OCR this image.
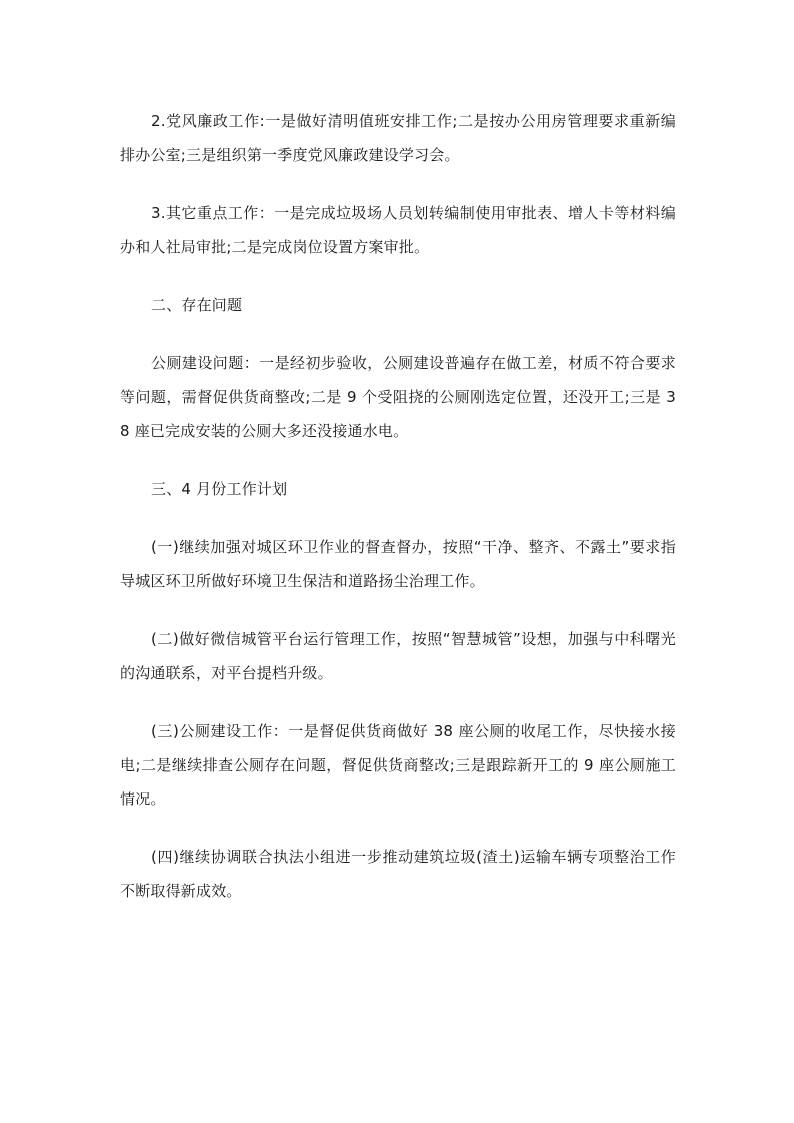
2.党风廉政工作:一是做好清明值班安排工作;二是按办公用房管理要求重新编排办公室;三是组织第一季度党风廉政建设学习会。

3.其它重点工作：一是完成垃圾场人员划转编制使用审批表、增人卡等材料编办和人社局审批;二是完成岗位设置方案审批。

二、存在问题

公厕建设问题：一是经初步验收，公厕建设普遍存在做工差，材质不符合要求等问题，需督促供货商整改;二是 9 个受阻挠的公厕刚选定位置，还没开工;三是 38 座已完成安装的公厕大多还没接通水电。

三、4 月份工作计划

(一)继续加强对城区环卫作业的督查督办，按照“干净、整齐、不露土”要求指导城区环卫所做好环境卫生保洁和道路扬尘治理工作。

(二)做好微信城管平台运行管理工作，按照“智慧城管”设想，加强与中科曙光的沟通联系，对平台提档升级。

(三)公厕建设工作：一是督促供货商做好 38 座公厕的收尾工作，尽快接水接电;二是继续排查公厕存在问题，督促供货商整改;三是跟踪新开工的 9 座公厕施工情况。

(四)继续协调联合执法小组进一步推动建筑垃圾(渣土)运输车辆专项整治工作不断取得新成效。
